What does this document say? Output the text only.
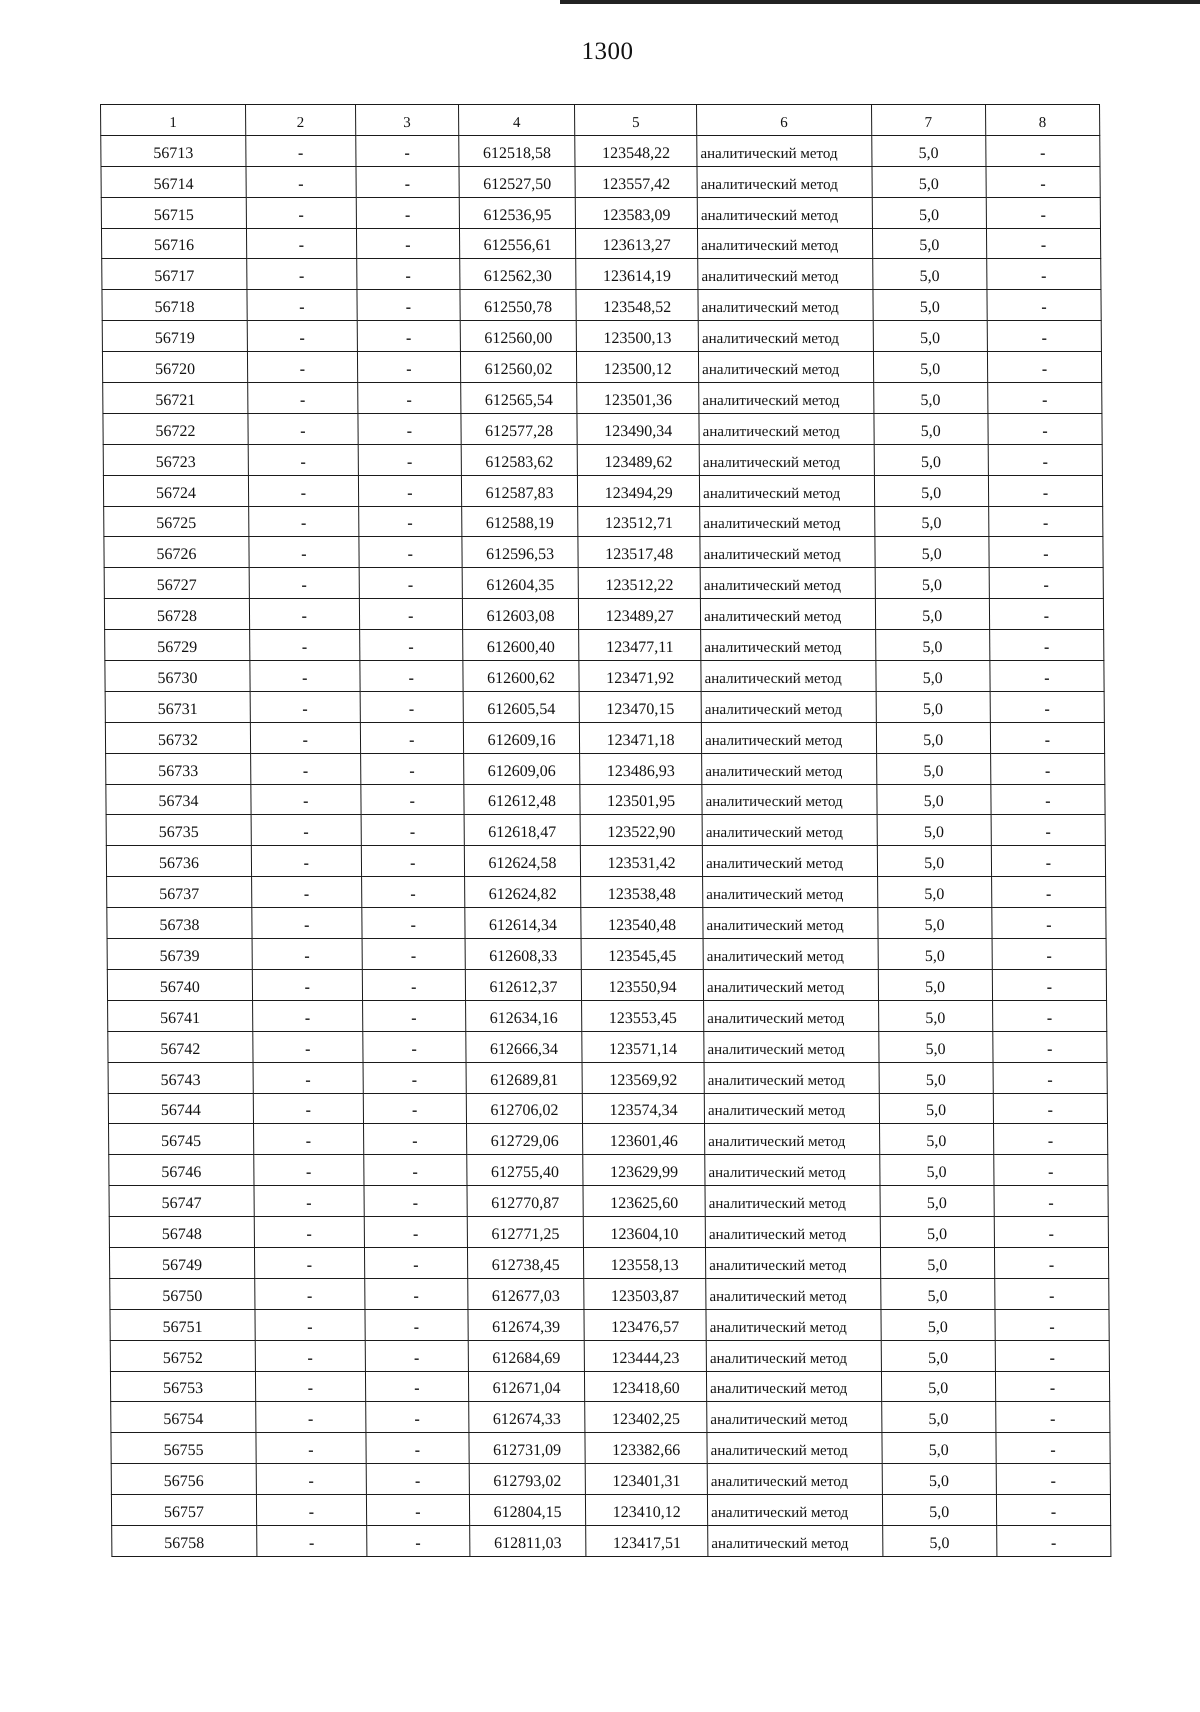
1300
1	2	3	4	5	6	7	8
56713	-	-	612518,58	123548,22	аналитический метод	5,0	-
56714	-	-	612527,50	123557,42	аналитический метод	5,0	-
56715	-	-	612536,95	123583,09	аналитический метод	5,0	-
56716	-	-	612556,61	123613,27	аналитический метод	5,0	-
56717	-	-	612562,30	123614,19	аналитический метод	5,0	-
56718	-	-	612550,78	123548,52	аналитический метод	5,0	-
56719	-	-	612560,00	123500,13	аналитический метод	5,0	-
56720	-	-	612560,02	123500,12	аналитический метод	5,0	-
56721	-	-	612565,54	123501,36	аналитический метод	5,0	-
56722	-	-	612577,28	123490,34	аналитический метод	5,0	-
56723	-	-	612583,62	123489,62	аналитический метод	5,0	-
56724	-	-	612587,83	123494,29	аналитический метод	5,0	-
56725	-	-	612588,19	123512,71	аналитический метод	5,0	-
56726	-	-	612596,53	123517,48	аналитический метод	5,0	-
56727	-	-	612604,35	123512,22	аналитический метод	5,0	-
56728	-	-	612603,08	123489,27	аналитический метод	5,0	-
56729	-	-	612600,40	123477,11	аналитический метод	5,0	-
56730	-	-	612600,62	123471,92	аналитический метод	5,0	-
56731	-	-	612605,54	123470,15	аналитический метод	5,0	-
56732	-	-	612609,16	123471,18	аналитический метод	5,0	-
56733	-	-	612609,06	123486,93	аналитический метод	5,0	-
56734	-	-	612612,48	123501,95	аналитический метод	5,0	-
56735	-	-	612618,47	123522,90	аналитический метод	5,0	-
56736	-	-	612624,58	123531,42	аналитический метод	5,0	-
56737	-	-	612624,82	123538,48	аналитический метод	5,0	-
56738	-	-	612614,34	123540,48	аналитический метод	5,0	-
56739	-	-	612608,33	123545,45	аналитический метод	5,0	-
56740	-	-	612612,37	123550,94	аналитический метод	5,0	-
56741	-	-	612634,16	123553,45	аналитический метод	5,0	-
56742	-	-	612666,34	123571,14	аналитический метод	5,0	-
56743	-	-	612689,81	123569,92	аналитический метод	5,0	-
56744	-	-	612706,02	123574,34	аналитический метод	5,0	-
56745	-	-	612729,06	123601,46	аналитический метод	5,0	-
56746	-	-	612755,40	123629,99	аналитический метод	5,0	-
56747	-	-	612770,87	123625,60	аналитический метод	5,0	-
56748	-	-	612771,25	123604,10	аналитический метод	5,0	-
56749	-	-	612738,45	123558,13	аналитический метод	5,0	-
56750	-	-	612677,03	123503,87	аналитический метод	5,0	-
56751	-	-	612674,39	123476,57	аналитический метод	5,0	-
56752	-	-	612684,69	123444,23	аналитический метод	5,0	-
56753	-	-	612671,04	123418,60	аналитический метод	5,0	-
56754	-	-	612674,33	123402,25	аналитический метод	5,0	-
56755	-	-	612731,09	123382,66	аналитический метод	5,0	-
56756	-	-	612793,02	123401,31	аналитический метод	5,0	-
56757	-	-	612804,15	123410,12	аналитический метод	5,0	-
56758	-	-	612811,03	123417,51	аналитический метод	5,0	-
